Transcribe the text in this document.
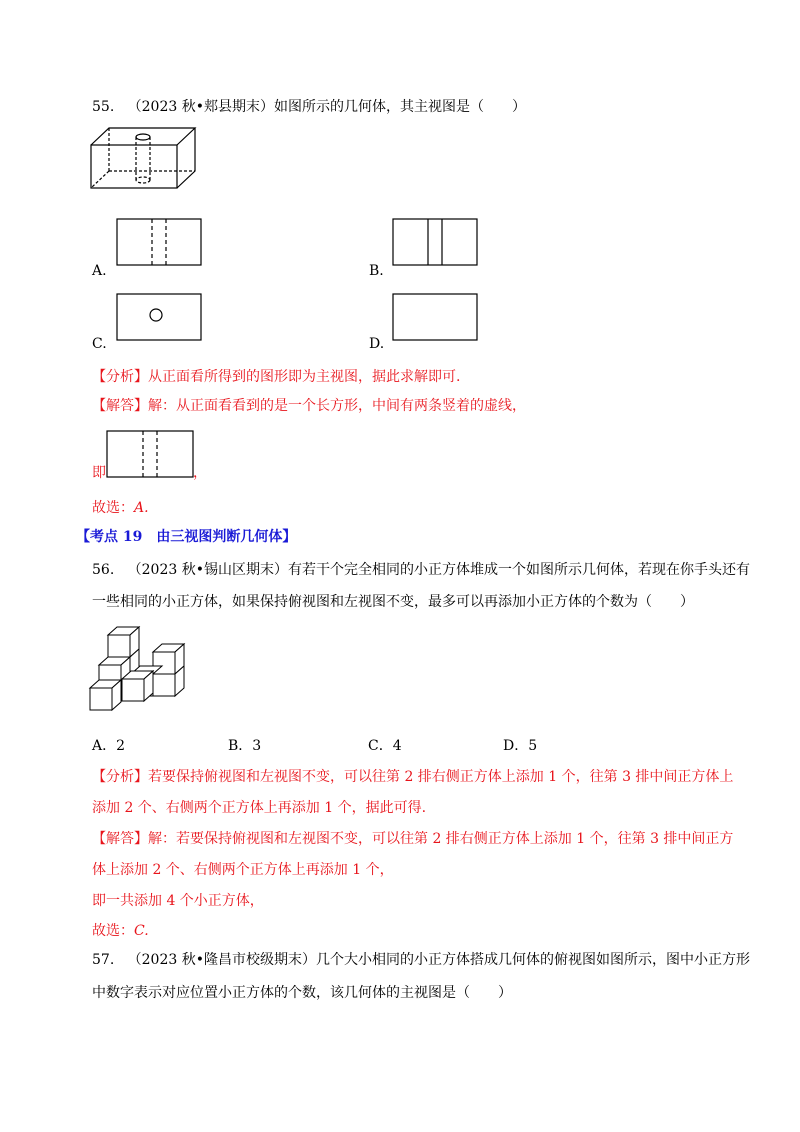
55. （2023 秋•郏县期末）如图所示的几何体，其主视图是（　　）
A.	B.
C.	D.
【分析】从正面看所得到的图形即为主视图，据此求解即可.
【解答】解：从正面看看到的是一个长方形，中间有两条竖着的虚线，
即	，
故选：A.
【考点 19　由三视图判断几何体】
56. （2023 秋•锡山区期末）有若干个完全相同的小正方体堆成一个如图所示几何体，若现在你手头还有
一些相同的小正方体，如果保持俯视图和左视图不变，最多可以再添加小正方体的个数为（　　）
A．2	B．3	C．4	D．5
【分析】若要保持俯视图和左视图不变，可以往第 2 排右侧正方体上添加 1 个，往第 3 排中间正方体上
添加 2 个、右侧两个正方体上再添加 1 个，据此可得.
【解答】解：若要保持俯视图和左视图不变，可以往第 2 排右侧正方体上添加 1 个，往第 3 排中间正方
体上添加 2 个、右侧两个正方体上再添加 1 个，
即一共添加 4 个小正方体，
故选：C.
57. （2023 秋•隆昌市校级期末）几个大小相同的小正方体搭成几何体的俯视图如图所示，图中小正方形
中数字表示对应位置小正方体的个数，该几何体的主视图是（　　）
